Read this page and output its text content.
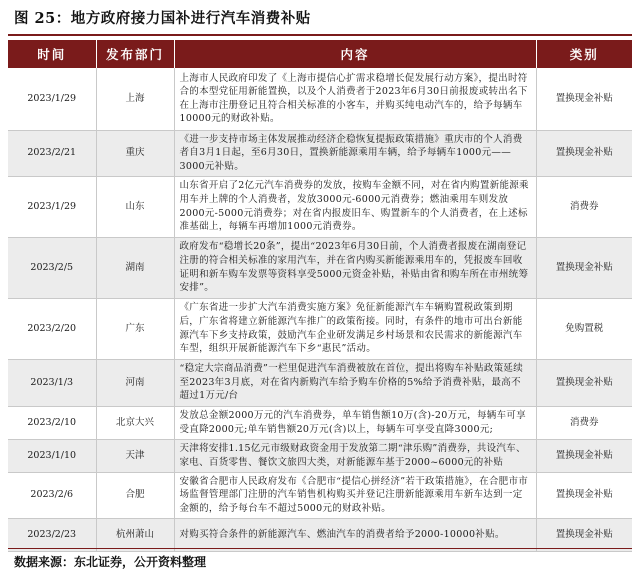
图 25：地方政府接力国补进行汽车消费补贴
时间	发布部门	内容	类别
2023/1/29	上海	上海市人民政府印发了《上海市提信心扩需求稳增长促发展行动方案》，提出时符合的本型党征用新能置换，以及个人消费者于2023年6月30日前报废或转出名下在上海市注册登记且符合相关标准的小客车，并购买纯电动汽车的，给予每辆车10000元的财政补贴。	置换现金补贴
2023/2/21	重庆	《进一步支持市场主体发展推动经济企稳恢复提振政策措施》重庆市的个人消费者自3月1日起，至6月30日，置换新能源乘用车辆，给予每辆车1000元——3000元补贴。	置换现金补贴
2023/1/29	山东	山东省开启了2亿元汽车消费券的发放，按购车金额不同，对在省内购置新能源乘用车并上牌的个人消费者，发放3000元-6000元消费券；燃油乘用车则发放2000元-5000元消费券；对在省内报废旧车、购置新车的个人消费者，在上述标准基础上，每辆车再增加1000元消费券。	消费券
2023/2/5	湖南	政府发布“稳增长20条”，提出“2023年6月30日前，个人消费者报废在湖南登记注册的符合相关标准的家用汽车，并在省内购买新能源乘用车的，凭报废车回收证明和新车购车发票等资料享受5000元资金补贴，补贴由省和购车所在市州统筹安排”。	置换现金补贴
2023/2/20	广东	《广东省进一步扩大汽车消费实施方案》免征新能源汽车车辆购置税政策到期后，广东省将建立新能源汽车推广的政策衔接。同时，有条件的地市可出台新能源汽车下乡支持政策，鼓励汽车企业研发满足乡村场景和农民需求的新能源汽车车型，组织开展新能源汽车下乡“惠民”活动。	免购置税
2023/1/3	河南	“稳定大宗商品消费”一栏里促进汽车消费被放在首位，提出将购车补贴政策延续至2023年3月底，对在省内新购汽车给予购车价格的5%给予消费补贴，最高不超过1万元/台	置换现金补贴
2023/2/10	北京大兴	发放总金额2000万元的汽车消费券，单车销售额10万(含)-20万元，每辆车可享受直降2000元;单车销售额20万元(含)以上，每辆车可享受直降3000元;	消费券
2023/1/10	天津	天津将安排1.15亿元市级财政资金用于发放第二期“津乐购”消费券，共设汽车、家电、百货零售、餐饮文旅四大类，对新能源车基于2000~6000元的补贴	置换现金补贴
2023/2/6	合肥	安徽省合肥市人民政府发布《合肥市“提信心拼经济”若干政策措施》，在合肥市市场监督管理部门注册的汽车销售机构购买并登记注册新能源乘用车新车达到一定金额的，给予每台车不超过5000元的财政补贴。	置换现金补贴
2023/2/23	杭州萧山	对购买符合条件的新能源汽车、燃油汽车的消费者给予2000-10000补贴。	置换现金补贴
数据来源：东北证券，公开资料整理
